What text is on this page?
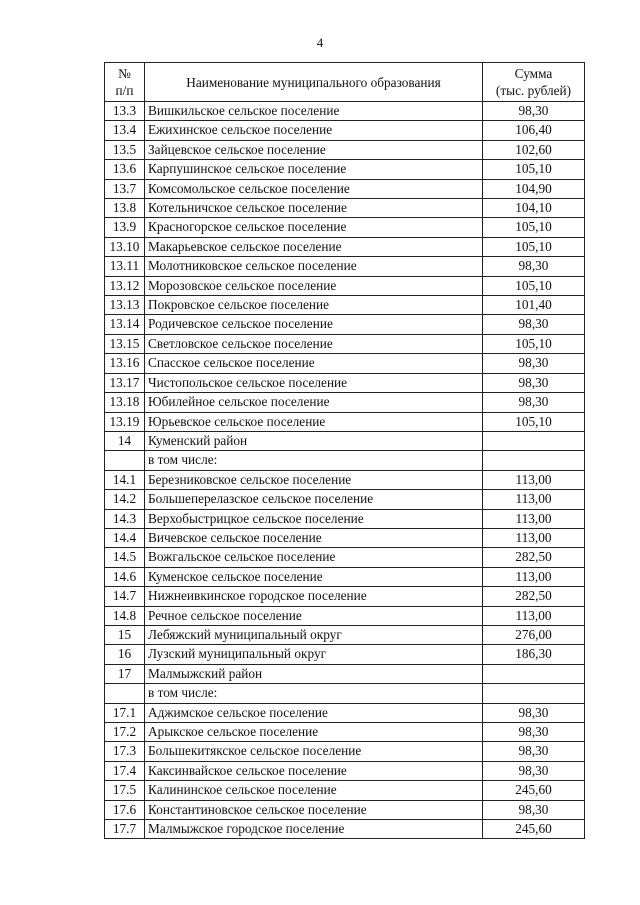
4
№
п/п	Наименование муниципального образования	Сумма
(тыс. рублей)

13.3	Вишкильское сельское поселение	98,30
13.4	Ежихинское сельское поселение	106,40
13.5	Зайцевское сельское поселение	102,60
13.6	Карпушинское сельское поселение	105,10
13.7	Комсомольское сельское поселение	104,90
13.8	Котельничское сельское поселение	104,10
13.9	Красногорское сельское поселение	105,10
13.10	Макарьевское сельское поселение	105,10
13.11	Молотниковское сельское поселение	98,30
13.12	Морозовское сельское поселение	105,10
13.13	Покровское сельское поселение	101,40
13.14	Родичевское сельское поселение	98,30
13.15	Светловское сельское поселение	105,10
13.16	Спасское сельское поселение	98,30
13.17	Чистопольское сельское поселение	98,30
13.18	Юбилейное сельское поселение	98,30
13.19	Юрьевское сельское поселение	105,10
14	Куменский район	
	в том числе:	
14.1	Березниковское сельское поселение	113,00
14.2	Большеперелазское сельское поселение	113,00
14.3	Верхобыстрицкое сельское поселение	113,00
14.4	Вичевское сельское поселение	113,00
14.5	Вожгальское сельское поселение	282,50
14.6	Куменское сельское поселение	113,00
14.7	Нижнеивкинское городское поселение	282,50
14.8	Речное сельское поселение	113,00
15	Лебяжский муниципальный округ	276,00
16	Лузский муниципальный округ	186,30
17	Малмыжский район	
	в том числе:	
17.1	Аджимское сельское поселение	98,30
17.2	Арыкское сельское поселение	98,30
17.3	Большекитякское сельское поселение	98,30
17.4	Каксинвайское сельское поселение	98,30
17.5	Калининское сельское поселение	245,60
17.6	Константиновское сельское поселение	98,30
17.7	Малмыжское городское поселение	245,60
